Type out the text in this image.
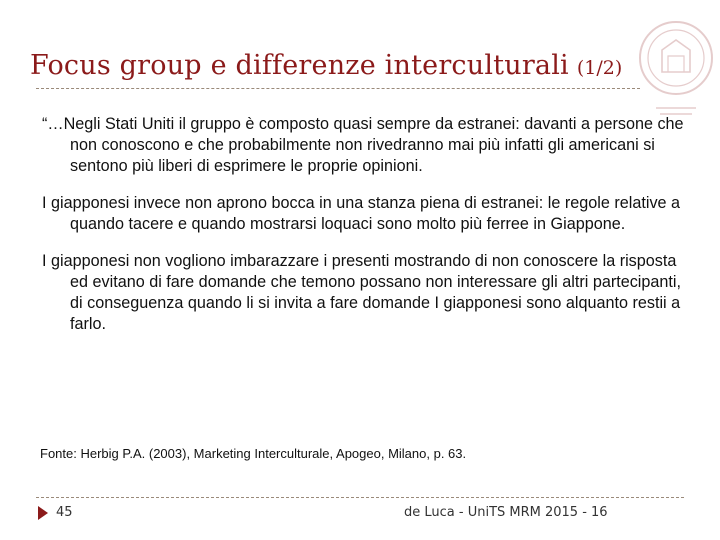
Focus group e differenze interculturali (1/2)

“…Negli Stati Uniti il gruppo è composto quasi sempre da estranei: davanti a persone che non conoscono e che probabilmente non rivedranno mai più infatti gli americani si sentono più liberi di esprimere le proprie opinioni.

I giapponesi invece non aprono bocca in una stanza piena di estranei: le regole relative a quando tacere e quando mostrarsi loquaci sono molto più ferree in Giappone.

I giapponesi non vogliono imbarazzare i presenti mostrando di non conoscere la risposta ed evitano di fare domande che temono possano non interessare gli altri partecipanti, di conseguenza quando li si invita a fare domande I giapponesi sono alquanto restii a farlo.

Fonte: Herbig P.A. (2003), Marketing Interculturale, Apogeo, Milano, p. 63.
45	de Luca - UniTS MRM 2015 - 16
